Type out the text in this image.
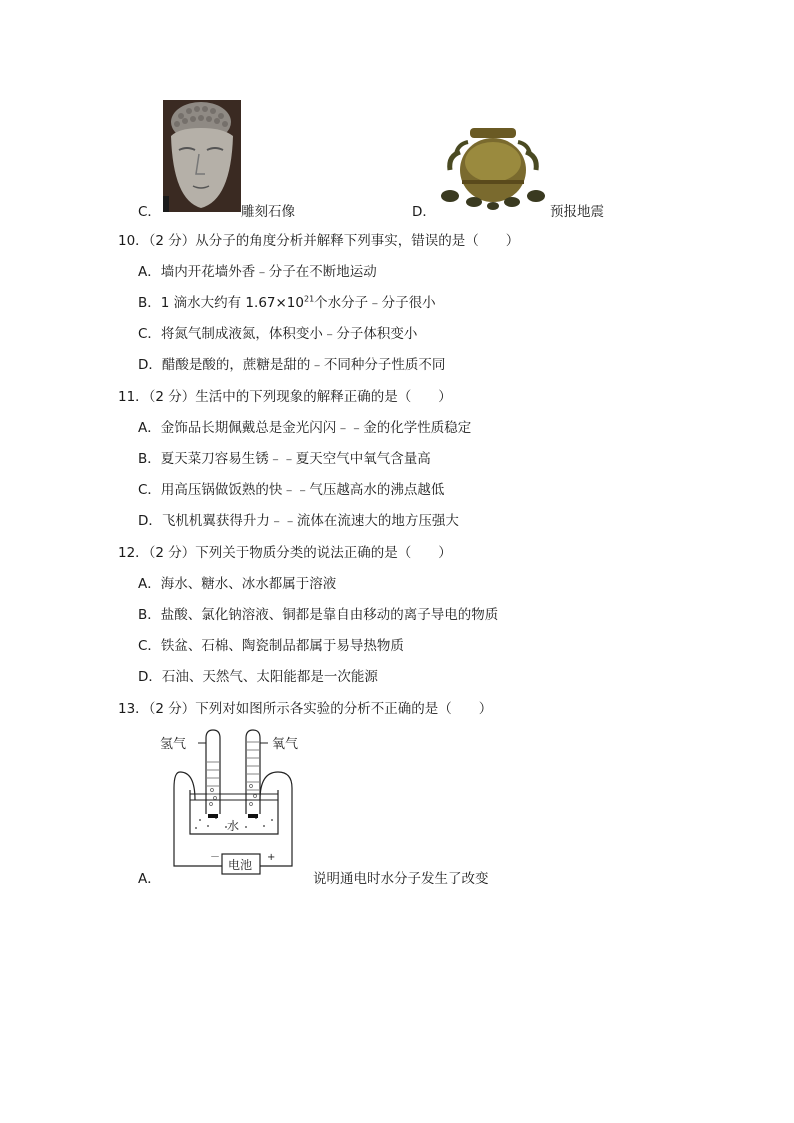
C．	雕刻石像	D．	预报地震
10．（2 分）从分子的角度分析并解释下列事实，错误的是（　　）
A．墙内开花墙外香﹣分子在不断地运动
B．1 滴水大约有 $1.67\times 10^{21}$个水分子﹣分子很小
C．将氮气制成液氮，体积变小﹣分子体积变小
D．醋酸是酸的，蔗糖是甜的﹣不同种分子性质不同
11．（2 分）生活中的下列现象的解释正确的是（　　）
A．金饰品长期佩戴总是金光闪闪﹣﹣金的化学性质稳定
B．夏天菜刀容易生锈﹣﹣夏天空气中氧气含量高
C．用高压锅做饭熟的快﹣﹣气压越高水的沸点越低
D．飞机机翼获得升力﹣﹣流体在流速大的地方压强大
12．（2 分）下列关于物质分类的说法正确的是（　　）
A．海水、糖水、冰水都属于溶液
B．盐酸、氯化钠溶液、铜都是靠自由移动的离子导电的物质
C．铁盆、石棉、陶瓷制品都属于易导热物质
D．石油、天然气、太阳能都是一次能源
13．（2 分）下列对如图所示各实验的分析不正确的是（　　）
氢气	氧气
水
电池
－	+
A．	说明通电时水分子发生了改变
